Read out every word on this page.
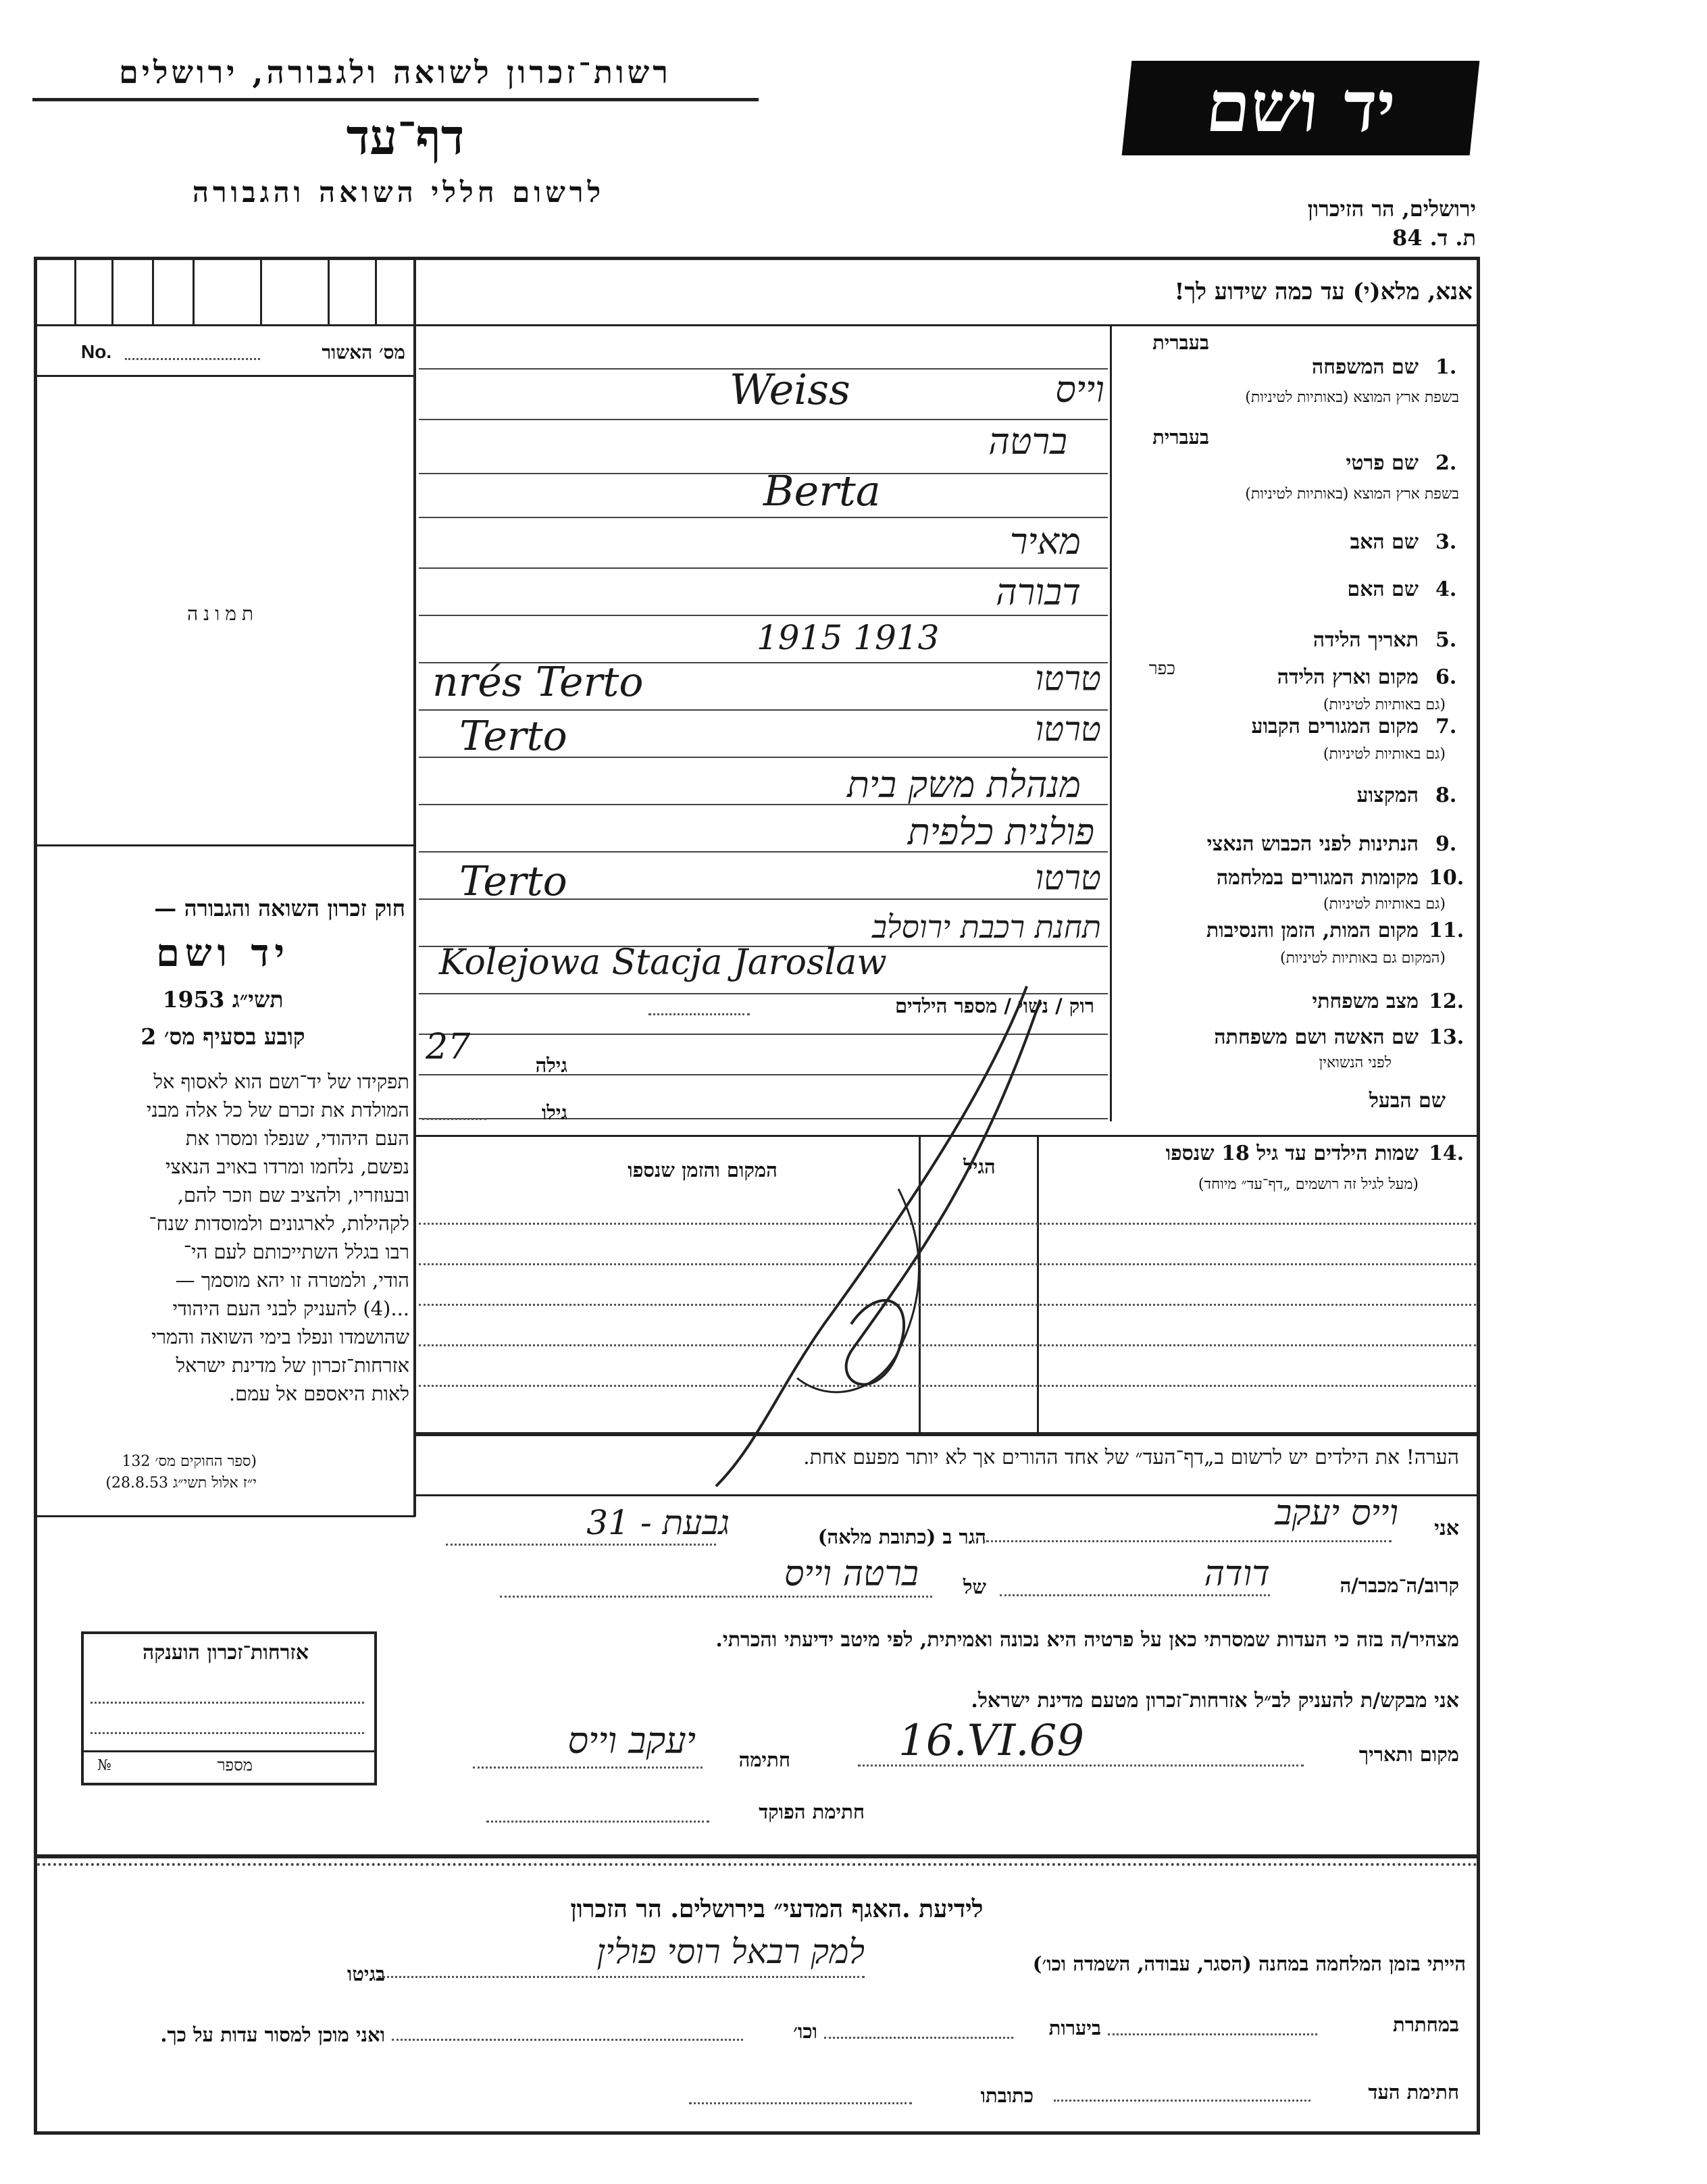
רשות־זכרון לשואה ולגבורה, ירושלים
דף־עד
לרשום חללי השואה והגבורה
יד ושם
ירושלים, הר הזיכרון
ת. ד. 84
אנא, מלא(י) עד כמה שידוע לך!
No.	מס׳ האשור
תמונה
חוק זכרון השואה והגבורה —
יד ושם
תשי״ג 1953
קובע בסעיף מס׳ 2
תפקידו של יד־ושם הוא לאסוף אל
המולדת את זכרם של כל אלה מבני
העם היהודי, שנפלו ומסרו את
נפשם, נלחמו ומרדו באויב הנאצי
ובעוזריו, ולהציב שם וזכר להם,
לקהילות, לארגונים ולמוסדות שנח־
רבו בגלל השתייכותם לעם הי־
הודי, ולמטרה זו יהא מוסמך —
...(4) להעניק לבני העם היהודי
שהושמדו ונפלו בימי השואה והמרי
אזרחות־זכרון של מדינת ישראל
לאות היאספם אל עמם.
(ספר החוקים מס׳ 132
י״ז אלול תשי״ג 28.8.53)
אזרחות־זכרון הוענקה
№	מספר
בעברית
שם המשפחה 1.
בשפת ארץ המוצא (באותיות לטיניות)
וייס
Weiss
בעברית
שם פרטי 2.
בשפת ארץ המוצא (באותיות לטיניות)
ברטה
Berta
שם האב 3.
מאיר
שם האם 4.
דבורה
תאריך הלידה 5.
1915 1913
מקום וארץ הלידה 6.
(גם באותיות לטיניות)
כפר
טרטו
nrés Terto
מקום המגורים הקבוע 7.
(גם באותיות לטיניות)
טרטו
Terto
המקצוע 8.
מנהלת משק בית
הנתינות לפני הכבוש הנאצי 9.
פולנית כלפית
מקומות המגורים במלחמה 10.
(גם באותיות לטיניות)
טרטו
Terto
מקום המות, הזמן והנסיבות 11.
(המקום גם באותיות לטיניות)
תחנת רכבת ירוסלב
Kolejowa Stacja Jaroslaw
מצב משפחתי 12.
רוק / נשוי / מספר הילדים
שם האשה ושם משפחתה 13.
לפני הנשואין
גילה
27
שם הבעל
גילו
שמות הילדים עד גיל 18 שנספו 14.
(מעל לגיל זה רושמים „דף־עד״ מיוחד)
הגיל
המקום והזמן שנספו
הערה! את הילדים יש לרשום ב„דף־העד״ של אחד ההורים אך לא יותר מפעם אחת.
אני
וייס יעקב
הגר ב (כתובת מלאה)
גבעת - 31
קרוב/ה־מכבר/ה
דודה
של
ברטה וייס
מצהיר/ה בזה כי העדות שמסרתי כאן על פרטיה היא נכונה ואמיתית, לפי מיטב ידיעתי והכרתי.
אני מבקש/ת להעניק לב״ל אזרחות־זכרון מטעם מדינת ישראל.
מקום ותאריך
16.VI.69
חתימה
יעקב וייס
חתימת הפוקד
לידיעת .האגף המדעי״ בירושלים. הר הזכרון
הייתי בזמן המלחמה במחנה (הסגר, עבודה, השמדה וכו׳)
למק רבאל רוסי פולין
בגיטו
במחתרת
ביערות
וכו׳
ואני מוכן למסור עדות על כך.
חתימת העד
כתובתו
